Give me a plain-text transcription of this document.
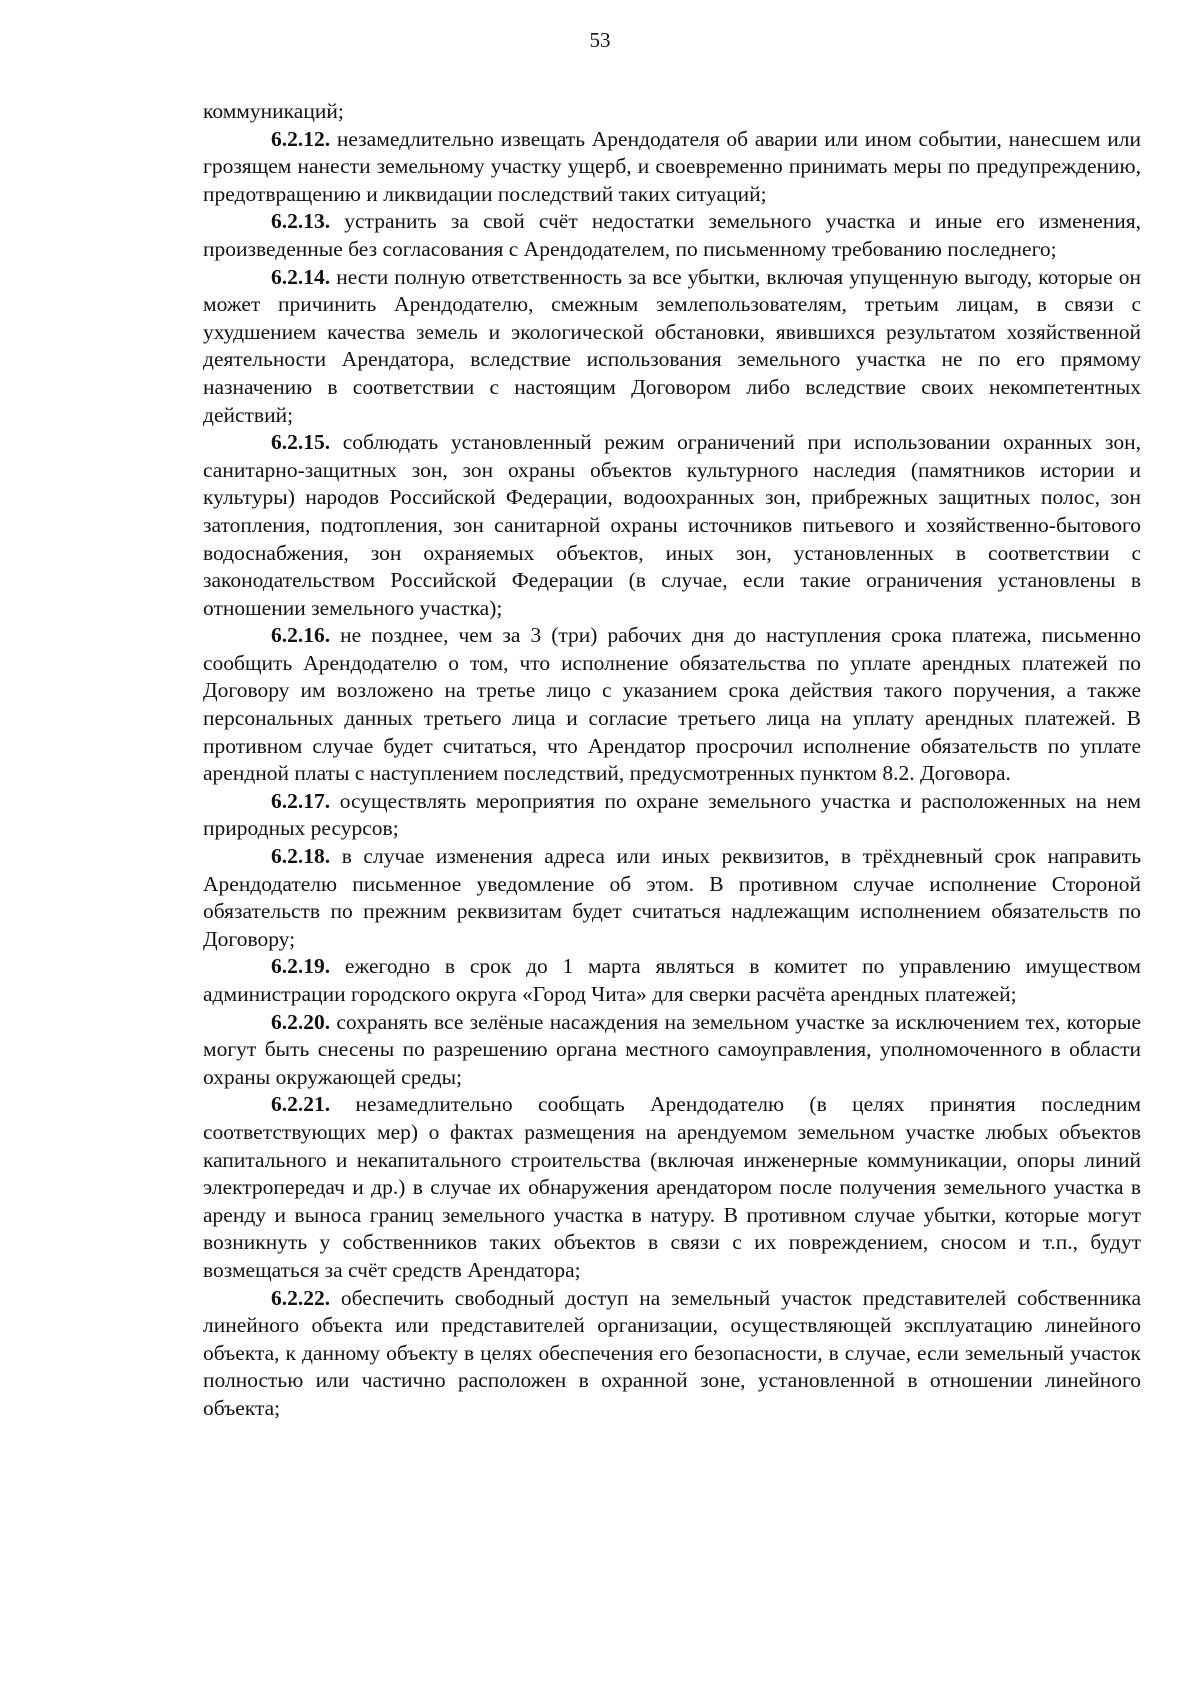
53

коммуникаций;

6.2.12. незамедлительно извещать Арендодателя об аварии или ином событии, нанесшем или грозящем нанести земельному участку ущерб, и своевременно принимать меры по предупреждению, предотвращению и ликвидации последствий таких ситуаций;

6.2.13. устранить за свой счёт недостатки земельного участка и иные его изменения, произведенные без согласования с Арендодателем, по письменному требованию последнего;

6.2.14. нести полную ответственность за все убытки, включая упущенную выгоду, которые он может причинить Арендодателю, смежным землепользователям, третьим лицам, в связи с ухудшением качества земель и экологической обстановки, явившихся результатом хозяйственной деятельности Арендатора, вследствие использования земельного участка не по его прямому назначению в соответствии с настоящим Договором либо вследствие своих некомпетентных действий;

6.2.15. соблюдать установленный режим ограничений при использовании охранных зон, санитарно-защитных зон, зон охраны объектов культурного наследия (памятников истории и культуры) народов Российской Федерации, водоохранных зон, прибрежных защитных полос, зон затопления, подтопления, зон санитарной охраны источников питьевого и хозяйственно-бытового водоснабжения, зон охраняемых объектов, иных зон, установленных в соответствии с законодательством Российской Федерации (в случае, если такие ограничения установлены в отношении земельного участка);

6.2.16. не позднее, чем за 3 (три) рабочих дня до наступления срока платежа, письменно сообщить Арендодателю о том, что исполнение обязательства по уплате арендных платежей по Договору им возложено на третье лицо с указанием срока действия такого поручения, а также персональных данных третьего лица и согласие третьего лица на уплату арендных платежей. В противном случае будет считаться, что Арендатор просрочил исполнение обязательств по уплате арендной платы с наступлением последствий, предусмотренных пунктом 8.2. Договора.

6.2.17. осуществлять мероприятия по охране земельного участка и расположенных на нем природных ресурсов;

6.2.18. в случае изменения адреса или иных реквизитов, в трёхдневный срок направить Арендодателю письменное уведомление об этом. В противном случае исполнение Стороной обязательств по прежним реквизитам будет считаться надлежащим исполнением обязательств по Договору;

6.2.19. ежегодно в срок до 1 марта являться в комитет по управлению имуществом администрации городского округа «Город Чита» для сверки расчёта арендных платежей;

6.2.20. сохранять все зелёные насаждения на земельном участке за исключением тех, которые могут быть снесены по разрешению органа местного самоуправления, уполномоченного в области охраны окружающей среды;

6.2.21. незамедлительно сообщать Арендодателю (в целях принятия последним соответствующих мер) о фактах размещения на арендуемом земельном участке любых объектов капитального и некапитального строительства (включая инженерные коммуникации, опоры линий электропередач и др.) в случае их обнаружения арендатором после получения земельного участка в аренду и выноса границ земельного участка в натуру. В противном случае убытки, которые могут возникнуть у собственников таких объектов в связи с их повреждением, сносом и т.п., будут возмещаться за счёт средств Арендатора;

6.2.22. обеспечить свободный доступ на земельный участок представителей собственника линейного объекта или представителей организации, осуществляющей эксплуатацию линейного объекта, к данному объекту в целях обеспечения его безопасности, в случае, если земельный участок полностью или частично расположен в охранной зоне, установленной в отношении линейного объекта;
